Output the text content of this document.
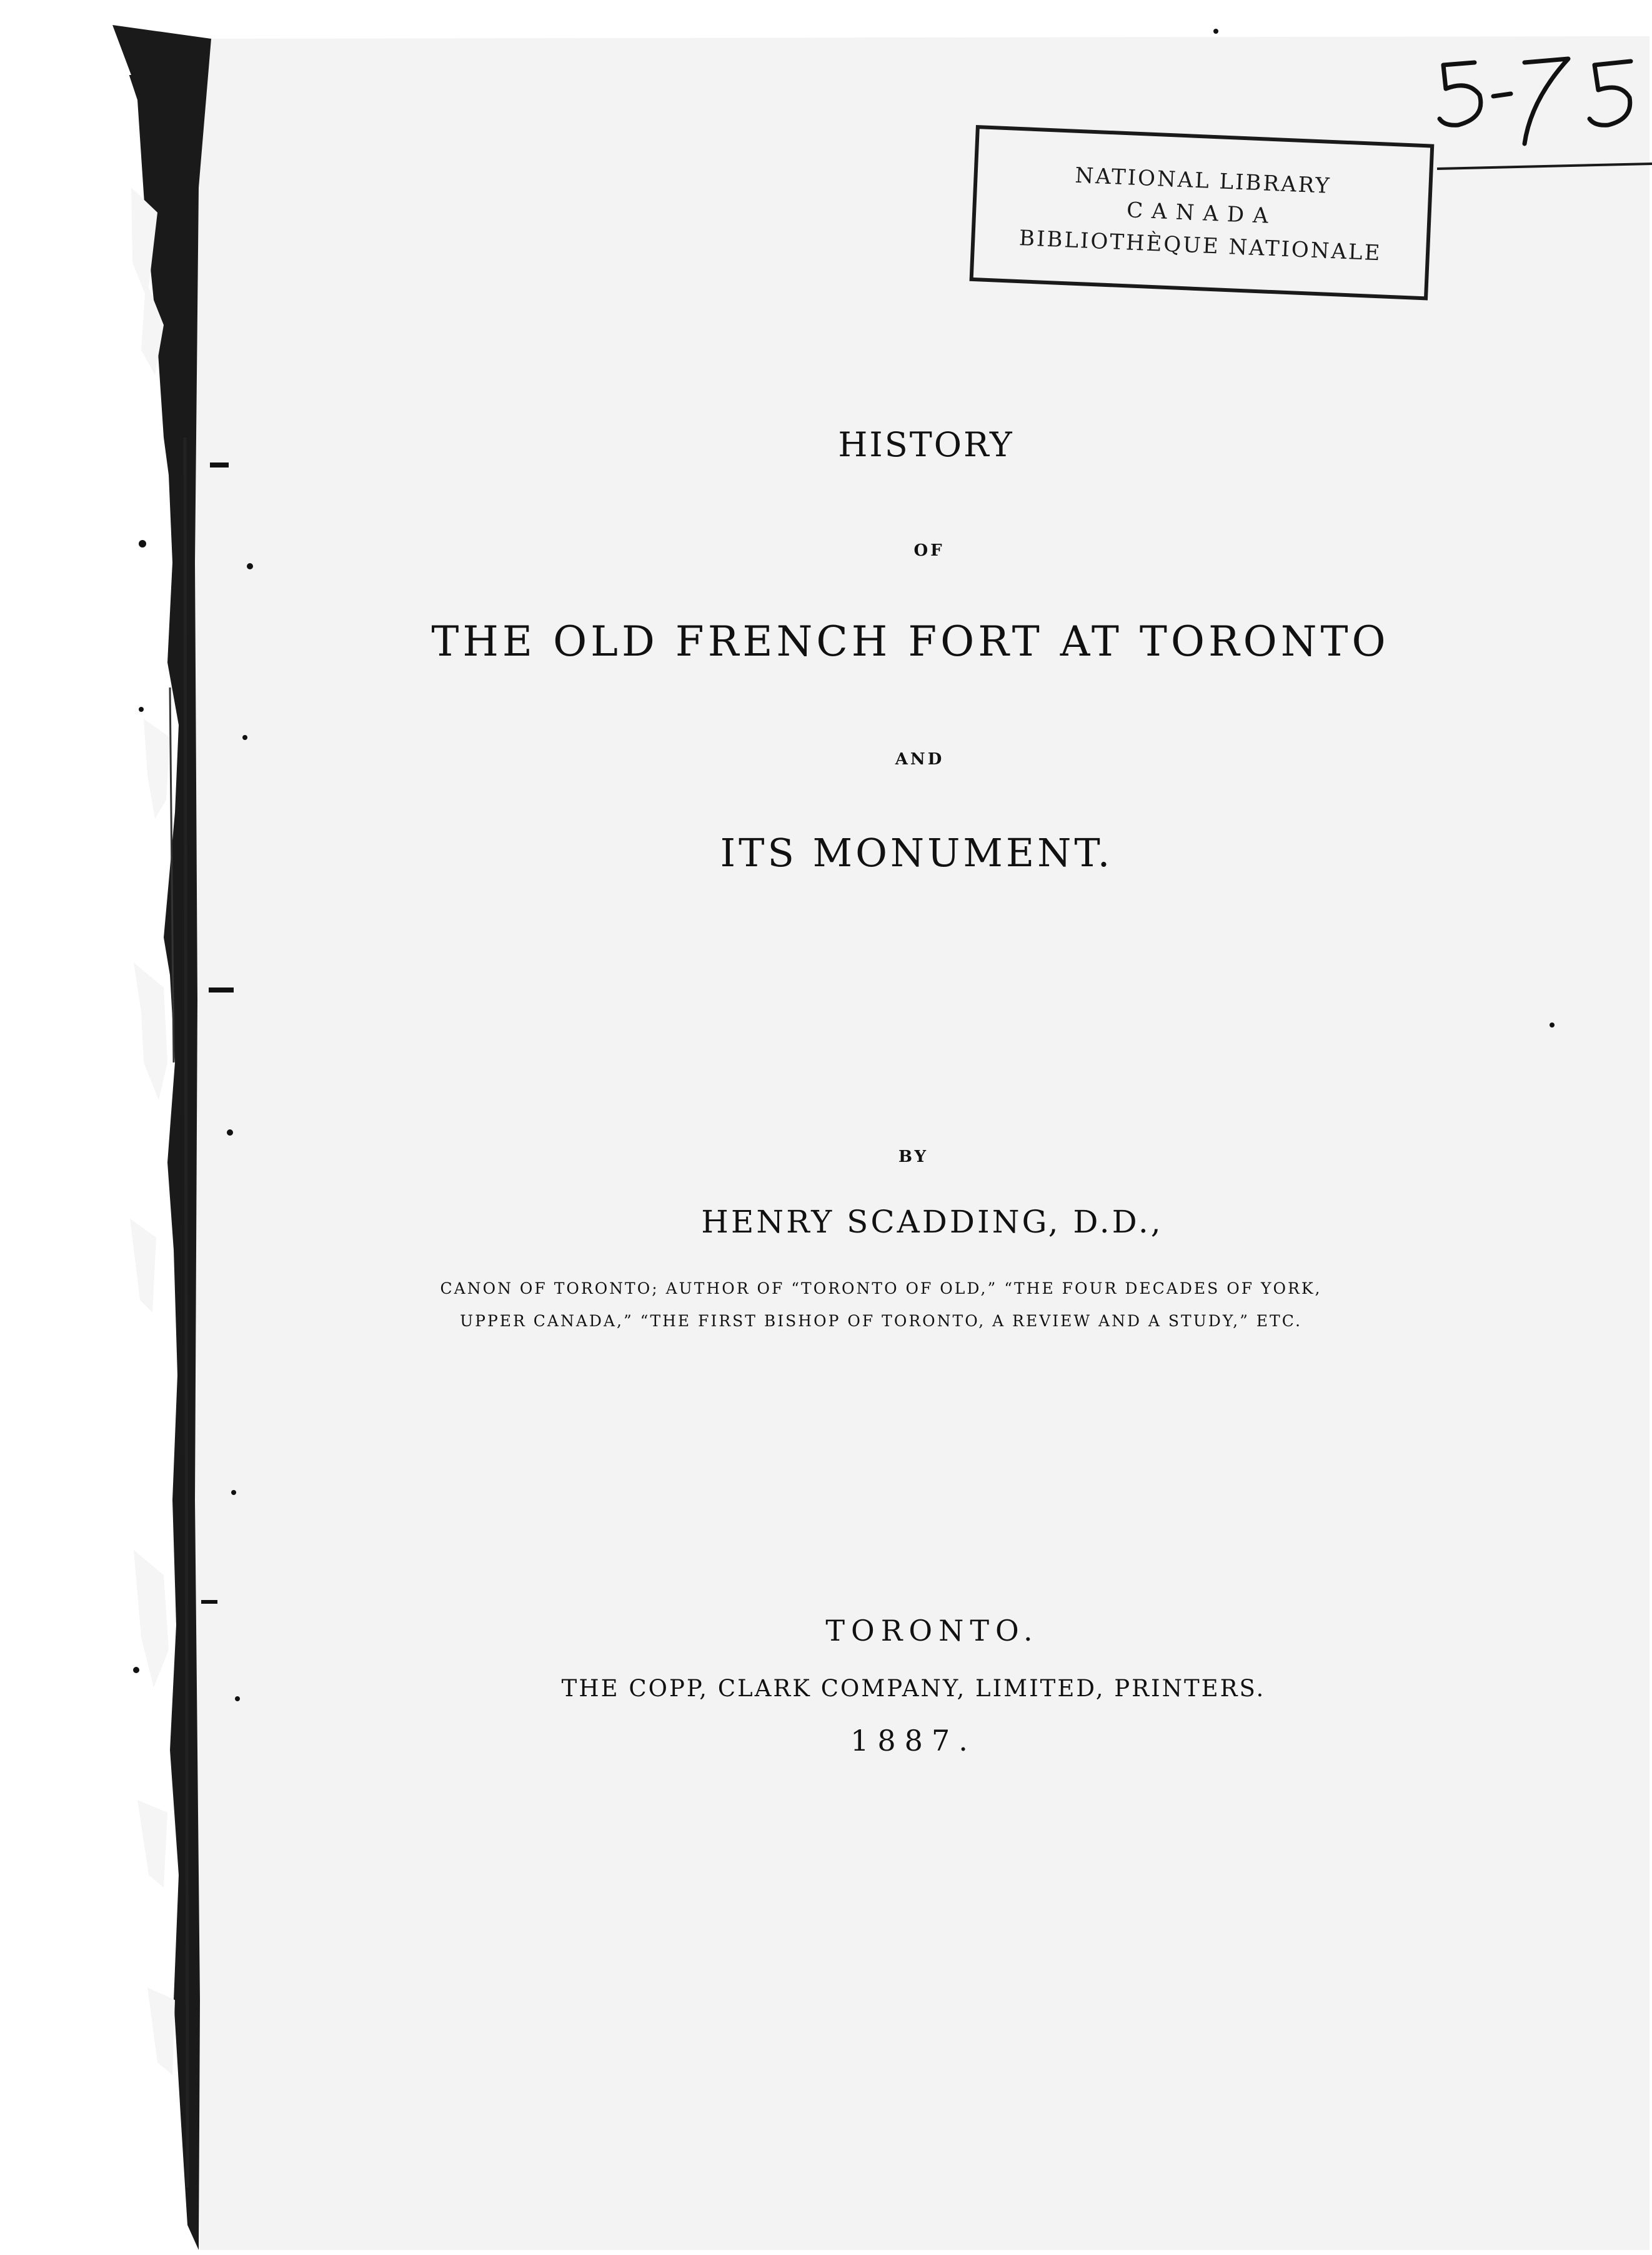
NATIONAL LIBRARY
CANADA
BIBLIOTHÈQUE NATIONALE
HISTORY
OF
THE OLD FRENCH FORT AT TORONTO
AND
ITS MONUMENT.
BY
HENRY SCADDING, D.D.,
CANON OF TORONTO; AUTHOR OF “TORONTO OF OLD,” “THE FOUR DECADES OF YORK, UPPER CANADA,” “THE FIRST BISHOP OF TORONTO, A REVIEW AND A STUDY,” ETC.
TORONTO.
THE COPP, CLARK COMPANY, LIMITED, PRINTERS.
1887.
